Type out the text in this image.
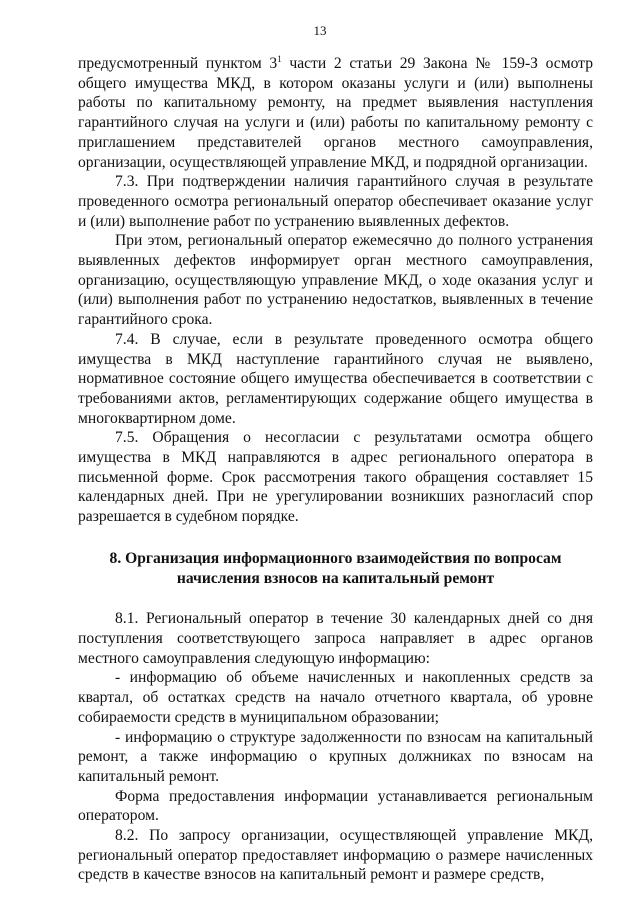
13

предусмотренный пунктом $3^1$ части 2 статьи 29 Закона № 159-З осмотр общего имущества МКД, в котором оказаны услуги и (или) выполнены работы по капитальному ремонту, на предмет выявления наступления гарантийного случая на услуги и (или) работы по капитальному ремонту с приглашением представителей органов местного самоуправления, организации, осуществляющей управление МКД, и подрядной организации.

7.3. При подтверждении наличия гарантийного случая в результате проведенного осмотра региональный оператор обеспечивает оказание услуг и (или) выполнение работ по устранению выявленных дефектов.

При этом, региональный оператор ежемесячно до полного устранения выявленных дефектов информирует орган местного самоуправления, организацию, осуществляющую управление МКД, о ходе оказания услуг и (или) выполнения работ по устранению недостатков, выявленных в течение гарантийного срока.

7.4. В случае, если в результате проведенного осмотра общего имущества в МКД наступление гарантийного случая не выявлено, нормативное состояние общего имущества обеспечивается в соответствии с требованиями актов, регламентирующих содержание общего имущества в многоквартирном доме.

7.5. Обращения о несогласии с результатами осмотра общего имущества в МКД направляются в адрес регионального оператора в письменной форме. Срок рассмотрения такого обращения составляет 15 календарных дней. При не урегулировании возникших разногласий спор разрешается в судебном порядке.

8. Организация информационного взаимодействия по вопросам
начисления взносов на капитальный ремонт

8.1. Региональный оператор в течение 30 календарных дней со дня поступления соответствующего запроса направляет в адрес органов местного самоуправления следующую информацию:

- информацию об объеме начисленных и накопленных средств за квартал, об остатках средств на начало отчетного квартала, об уровне собираемости средств в муниципальном образовании;

- информацию о структуре задолженности по взносам на капитальный ремонт, а также информацию о крупных должниках по взносам на капитальный ремонт.

Форма предоставления информации устанавливается региональным оператором.

8.2. По запросу организации, осуществляющей управление МКД, региональный оператор предоставляет информацию о размере начисленных средств в качестве взносов на капитальный ремонт и размере средств,
